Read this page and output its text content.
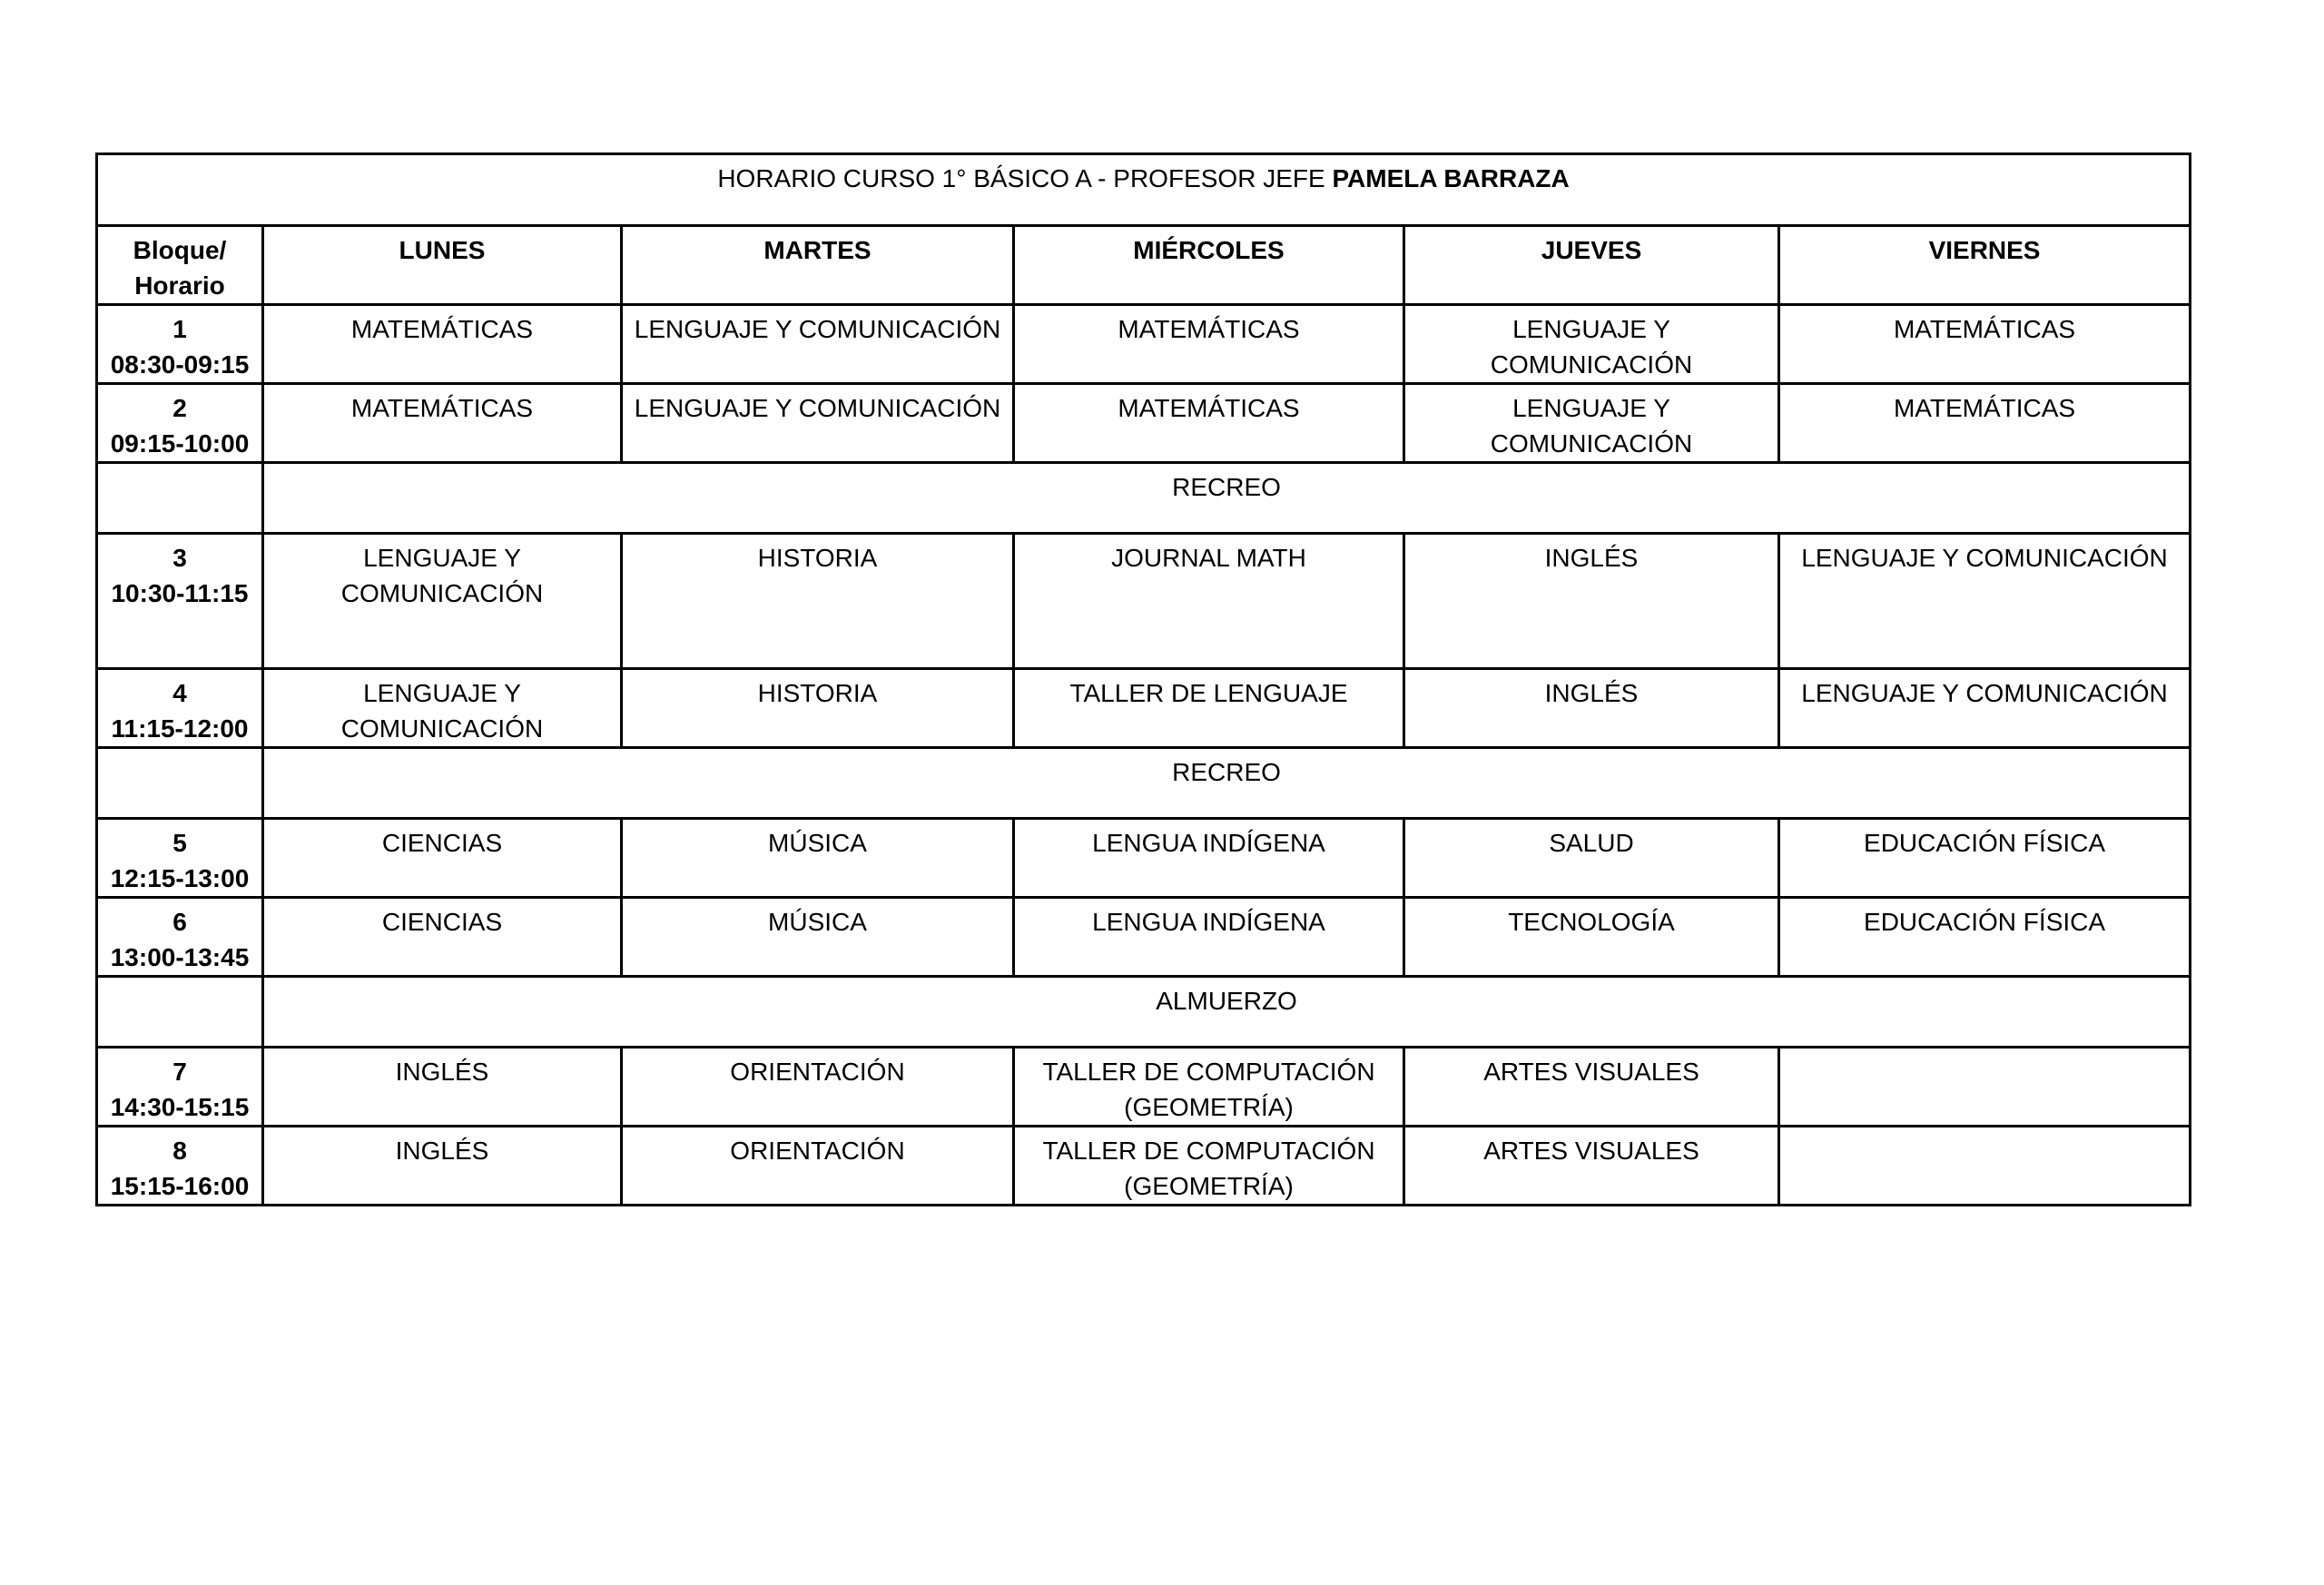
HORARIO CURSO 1° BÁSICO A - PROFESOR JEFE PAMELA BARRAZA					
Bloque/ Horario	LUNES	MARTES	MIÉRCOLES	JUEVES	VIERNES

1
08:30-09:15	MATEMÁTICAS	LENGUAJE Y COMUNICACIÓN	MATEMÁTICAS	LENGUAJE Y COMUNICACIÓN	MATEMÁTICAS

2
09:15-10:00	MATEMÁTICAS	LENGUAJE Y COMUNICACIÓN	MATEMÁTICAS	LENGUAJE Y COMUNICACIÓN	MATEMÁTICAS
	RECREO				

3
10:30-11:15	LENGUAJE Y COMUNICACIÓN	HISTORIA	JOURNAL MATH	INGLÉS	LENGUAJE Y COMUNICACIÓN

4
11:15-12:00	LENGUAJE Y COMUNICACIÓN	HISTORIA	TALLER DE LENGUAJE	INGLÉS	LENGUAJE Y COMUNICACIÓN
	RECREO				

5
12:15-13:00	CIENCIAS	MÚSICA	LENGUA INDÍGENA	SALUD	EDUCACIÓN FÍSICA

6
13:00-13:45	CIENCIAS	MÚSICA	LENGUA INDÍGENA	TECNOLOGÍA	EDUCACIÓN FÍSICA
	ALMUERZO				

7
14:30-15:15	INGLÉS	ORIENTACIÓN	TALLER DE COMPUTACIÓN (GEOMETRÍA)	ARTES VISUALES	

8
15:15-16:00	INGLÉS	ORIENTACIÓN	TALLER DE COMPUTACIÓN (GEOMETRÍA)	ARTES VISUALES	
